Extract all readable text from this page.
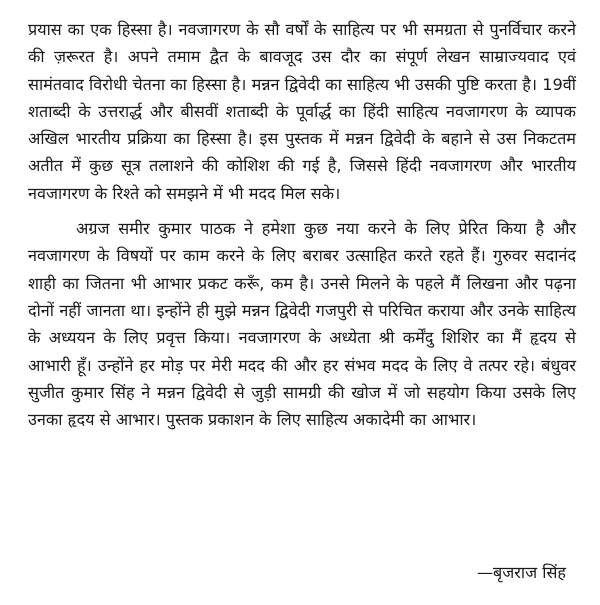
प्रयास का एक हिस्सा है। नवजागरण के सौ वर्षों के साहित्य पर भी समग्रता से पुनर्विचार करने की ज़रूरत है। अपने तमाम द्वैत के बावजूद उस दौर का संपूर्ण लेखन साम्राज्यवाद एवं सामंतवाद विरोधी चेतना का हिस्सा है। मन्नन द्विवेदी का साहित्य भी उसकी पुष्टि करता है। 19वीं शताब्दी के उत्तरार्द्ध और बीसवीं शताब्दी के पूर्वार्द्ध का हिंदी साहित्य नवजागरण के व्यापक अखिल भारतीय प्रक्रिया का हिस्सा है। इस पुस्तक में मन्नन द्विवेदी के बहाने से उस निकटतम अतीत में कुछ सूत्र तलाशने की कोशिश की गई है, जिससे हिंदी नवजागरण और भारतीय नवजागरण के रिश्ते को समझने में भी मदद मिल सके।

अग्रज समीर कुमार पाठक ने हमेशा कुछ नया करने के लिए प्रेरित किया है और नवजागरण के विषयों पर काम करने के लिए बराबर उत्साहित करते रहते हैं। गुरुवर सदानंद शाही का जितना भी आभार प्रकट करूँ, कम है। उनसे मिलने के पहले मैं लिखना और पढ़ना दोनों नहीं जानता था। इन्होंने ही मुझे मन्नन द्विवेदी गजपुरी से परिचित कराया और उनके साहित्य के अध्ययन के लिए प्रवृत्त किया। नवजागरण के अध्येता श्री कर्मेंदु शिशिर का मैं हृदय से आभारी हूँ। उन्होंने हर मोड़ पर मेरी मदद की और हर संभव मदद के लिए वे तत्पर रहे। बंधुवर सुजीत कुमार सिंह ने मन्नन द्विवेदी से जुड़ी सामग्री की खोज में जो सहयोग किया उसके लिए उनका हृदय से आभार। पुस्तक प्रकाशन के लिए साहित्य अकादेमी का आभार।

—बृजराज सिंह
